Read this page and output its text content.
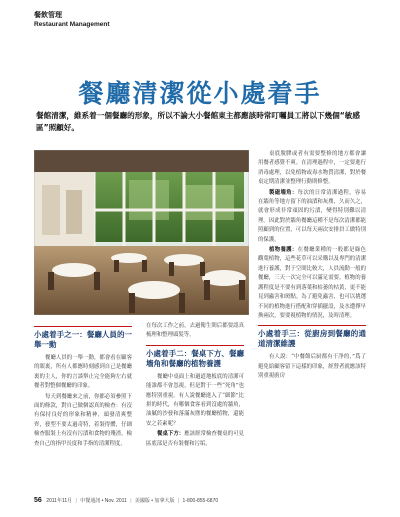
餐飲管理
Restaurant Management
餐廳清潔從小處着手

餐館清潔，維系着一個餐廳的形象，所以不論大小餐館東主都應該時常叮囑員工將以下幾個“敏感區”照顧好。

桌底脫膠或者有需要整修的地方都會讓用餐者感覺不爽。在清理過程中，一定要進行消毒處理，以免植物或毒水物質清潔，對於餐桌定期清潔並整理行動則修整。

製磁墻角：每次的日常清潔過程，容易在牆角等地方留下的油漬和灰塵，久而久之，就會形成非常頑固的污漬，變得特別難以清理。因此對於牆角餐廳這種不是每次清潔都能照顧到的位置，可以每天兩次安排員工做特別的保護。

植物養護：在餐廳業種的一般都是綠色觀葉植物，這些花草可以采購以及專門的清潔進行養護，對于空間比較大，人員流動一般的餐廳，三天一次完全可以滿足需要。植物的養護程度是不要有到落葉和枯萎的枯黃，更不能見到蟲害和斑點。為了避免蟲害，也可以挑選不同的植物進行搭配和穿插擺設，及水遭擇早換兩次，要要視植物的情況，及時清理。

小處着手三：從廚房到餐廳的通道清潔維護

有人說：“中餐館后厨都有干净的，”爲了避免給顧客留下這樣的印象，經營者就應該特別重視廚房

小處着手之一：餐廳人員的一舉一動

餐廳人員的一舉一動，都會看在顧客的眼裏，所有人都應時刻感到自己是餐廳裏的主人，你的言談舉止完全能夠左右就餐者對整個餐廳的印象。

每天到餐廳來之前，你都必須參照下面的條款，對自己做個認真的檢查：有沒有保持良好的形象和精神，頭發清爽整齊，發型不要太過奇特，着裝得體，仔細檢查服裝上有沒有污漬和食物的殘渣，檢查自己的指甲長度和手指的清潔程度，

在每次工作之前，去過衛生間后都要認真梳理和整理頭髮等。

小處着手二：餐桌下方、餐廳墻角和餐廳的植物養護

餐廳中桌面上和過道地板底的清潔可能誰都不會忽視，但是對于一些“死角”也應特別重視。有人說餐廳進入了“細節”比拼的時代，有哪個食客看到沒處的牆角，油膩的沙發和落滿灰塵的餐廳植物，還能安之若素呢？

餐桌下方：應該經常檢查餐桌的可見區底部是否有裝餐和污垢，

56 2011年11月 | 中餐通訊 • Nov. 2011 | 美國版 • 加拿大版 | 1-800-855-6870
